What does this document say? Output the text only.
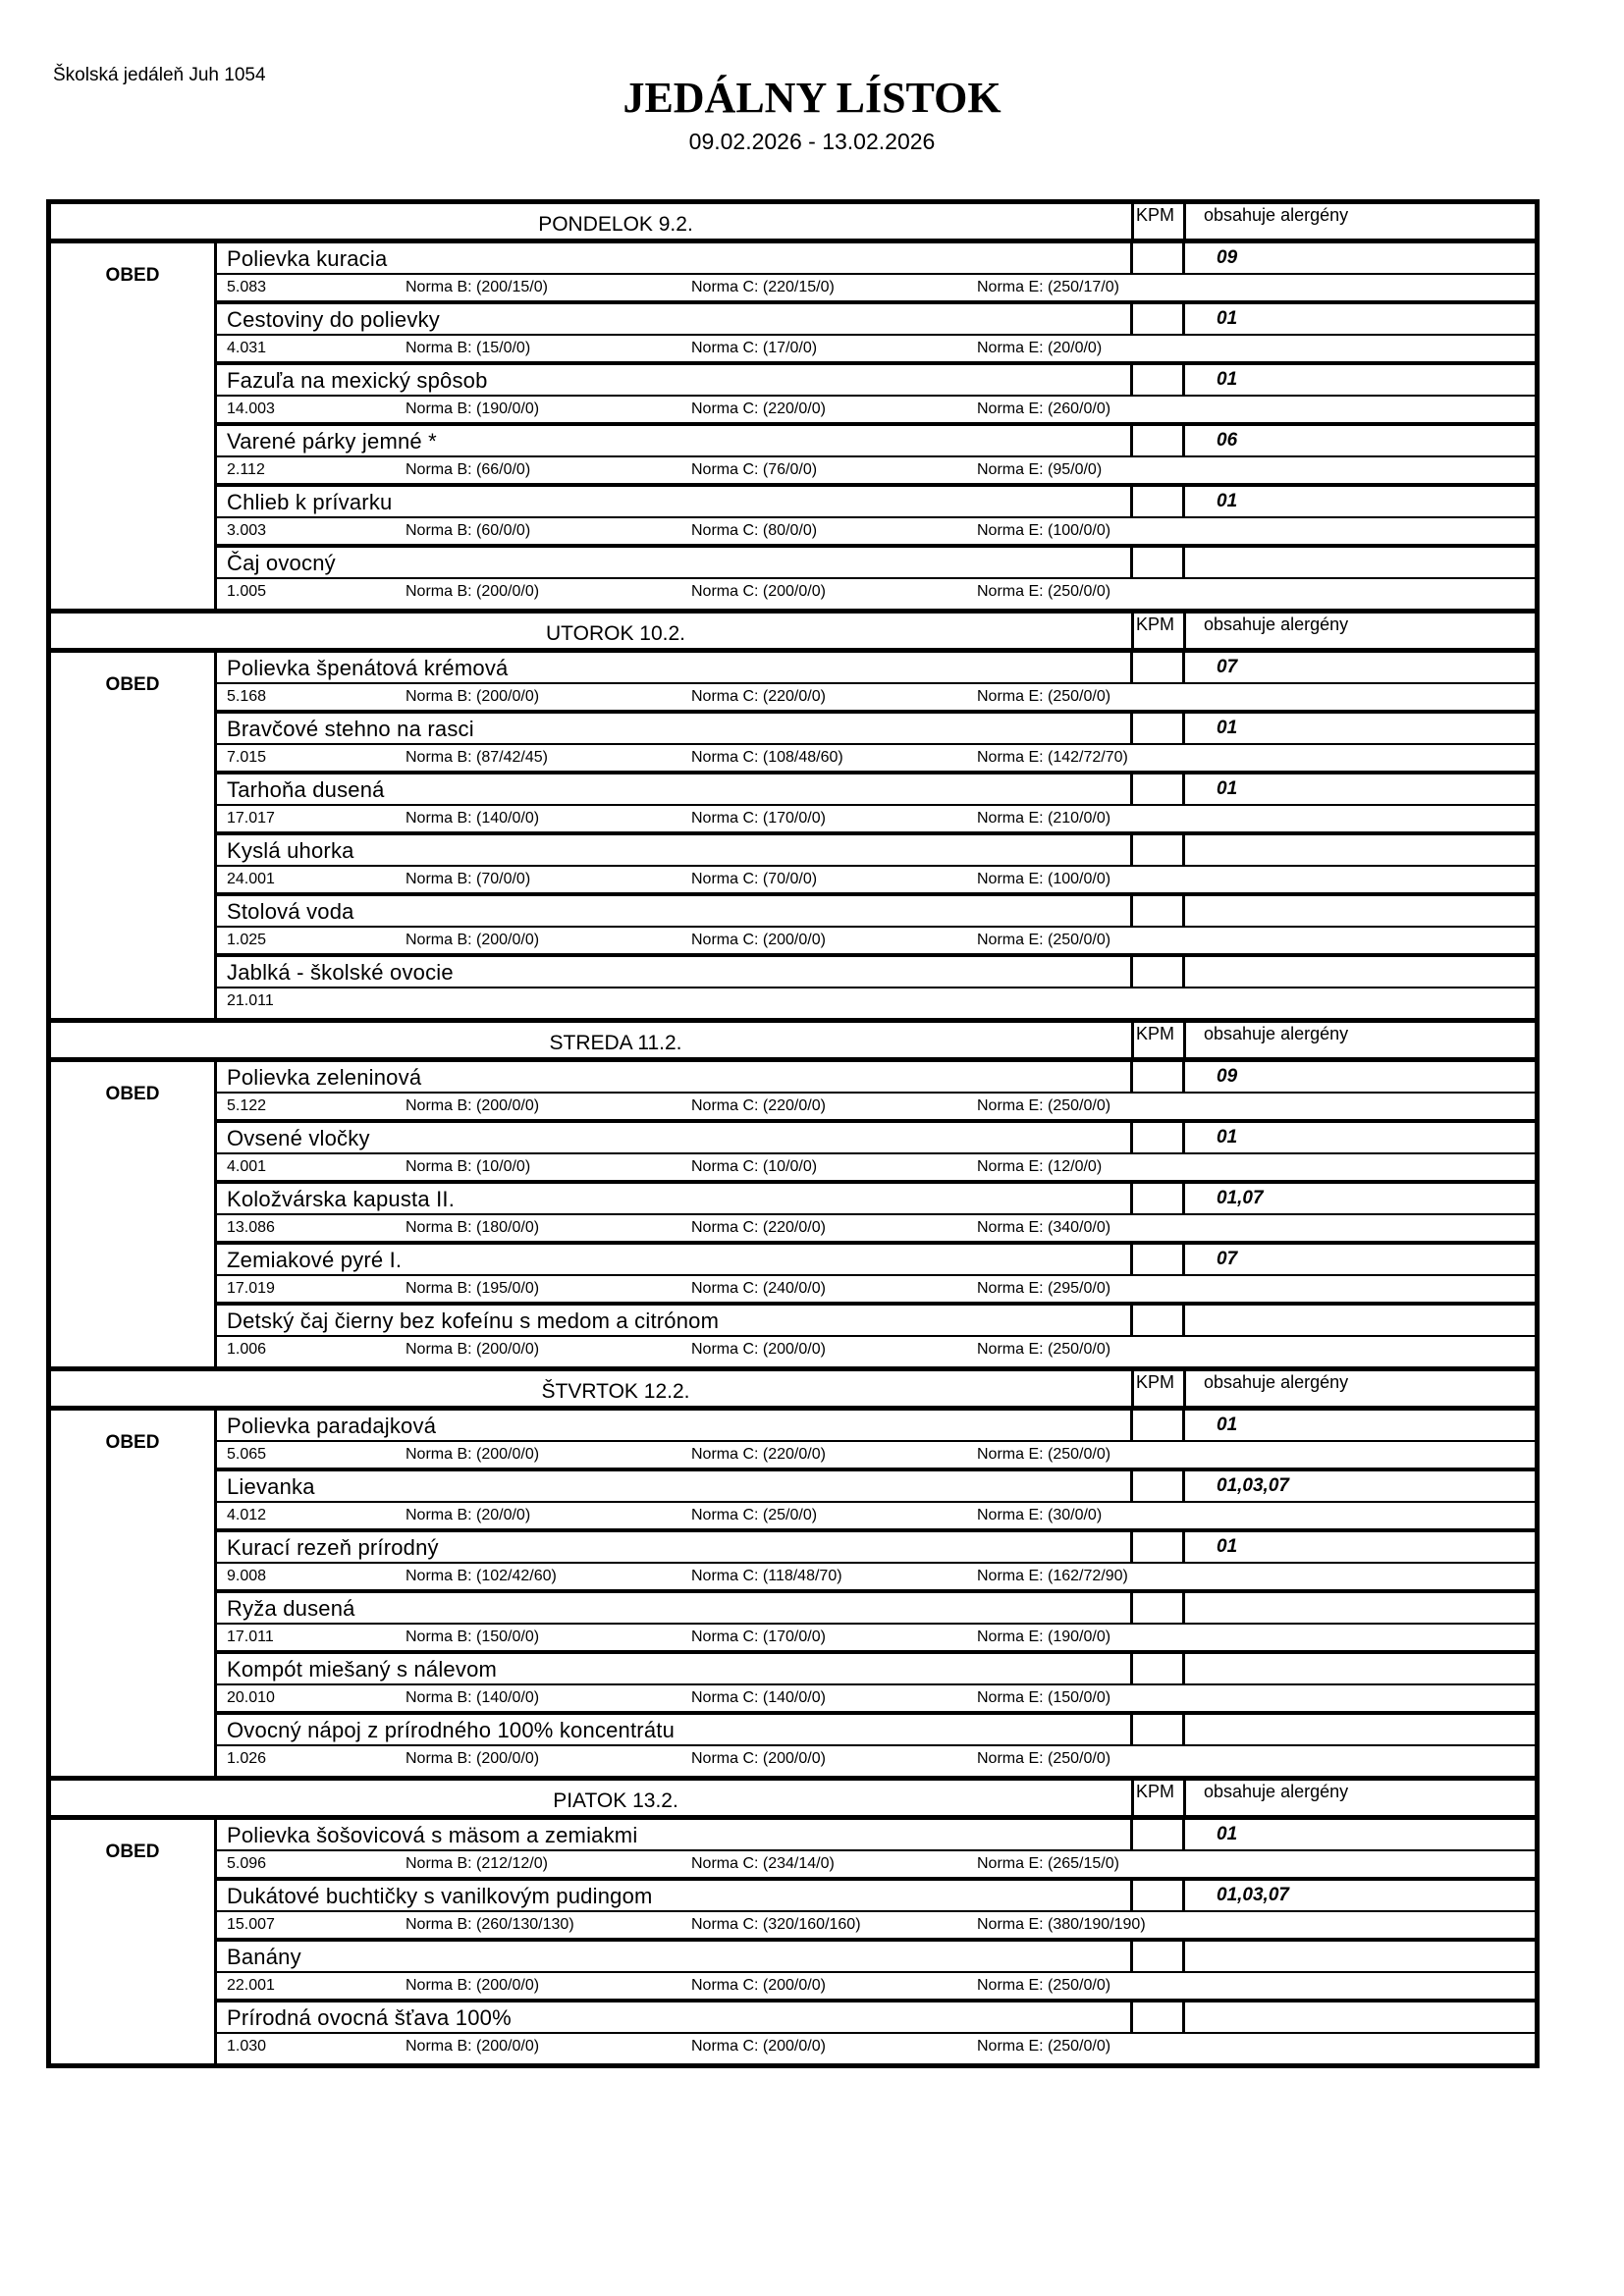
Školská jedáleň Juh 1054	JEDÁLNY LÍSTOK
09.02.2026 - 13.02.2026
PONDELOK 9.2.	KPM	obsahuje alergény
OBED
Polievka kuracia	09
5.083	Norma B: (200/15/0)	Norma C: (220/15/0)	Norma E: (250/17/0)
Cestoviny do polievky	01
4.031	Norma B: (15/0/0)	Norma C: (17/0/0)	Norma E: (20/0/0)
Fazuľa na mexický spôsob	01
14.003	Norma B: (190/0/0)	Norma C: (220/0/0)	Norma E: (260/0/0)
Varené párky jemné *	06
2.112	Norma B: (66/0/0)	Norma C: (76/0/0)	Norma E: (95/0/0)
Chlieb k prívarku	01
3.003	Norma B: (60/0/0)	Norma C: (80/0/0)	Norma E: (100/0/0)
Čaj ovocný
1.005	Norma B: (200/0/0)	Norma C: (200/0/0)	Norma E: (250/0/0)
UTOROK 10.2.	KPM	obsahuje alergény
OBED
Polievka špenátová krémová	07
5.168	Norma B: (200/0/0)	Norma C: (220/0/0)	Norma E: (250/0/0)
Bravčové stehno na rasci	01
7.015	Norma B: (87/42/45)	Norma C: (108/48/60)	Norma E: (142/72/70)
Tarhoňa dusená	01
17.017	Norma B: (140/0/0)	Norma C: (170/0/0)	Norma E: (210/0/0)
Kyslá uhorka
24.001	Norma B: (70/0/0)	Norma C: (70/0/0)	Norma E: (100/0/0)
Stolová voda
1.025	Norma B: (200/0/0)	Norma C: (200/0/0)	Norma E: (250/0/0)
Jablká - školské ovocie
21.011
STREDA 11.2.	KPM	obsahuje alergény
OBED
Polievka zeleninová	09
5.122	Norma B: (200/0/0)	Norma C: (220/0/0)	Norma E: (250/0/0)
Ovsené vločky	01
4.001	Norma B: (10/0/0)	Norma C: (10/0/0)	Norma E: (12/0/0)
Koložvárska kapusta II.	01,07
13.086	Norma B: (180/0/0)	Norma C: (220/0/0)	Norma E: (340/0/0)
Zemiakové pyré I.	07
17.019	Norma B: (195/0/0)	Norma C: (240/0/0)	Norma E: (295/0/0)
Detský čaj čierny bez kofeínu s medom a citrónom
1.006	Norma B: (200/0/0)	Norma C: (200/0/0)	Norma E: (250/0/0)
ŠTVRTOK 12.2.	KPM	obsahuje alergény
OBED
Polievka paradajková	01
5.065	Norma B: (200/0/0)	Norma C: (220/0/0)	Norma E: (250/0/0)
Lievanka	01,03,07
4.012	Norma B: (20/0/0)	Norma C: (25/0/0)	Norma E: (30/0/0)
Kurací rezeň prírodný	01
9.008	Norma B: (102/42/60)	Norma C: (118/48/70)	Norma E: (162/72/90)
Ryža dusená
17.011	Norma B: (150/0/0)	Norma C: (170/0/0)	Norma E: (190/0/0)
Kompót miešaný s nálevom
20.010	Norma B: (140/0/0)	Norma C: (140/0/0)	Norma E: (150/0/0)
Ovocný nápoj z prírodného 100% koncentrátu
1.026	Norma B: (200/0/0)	Norma C: (200/0/0)	Norma E: (250/0/0)
PIATOK 13.2.	KPM	obsahuje alergény
OBED
Polievka šošovicová s mäsom a zemiakmi	01
5.096	Norma B: (212/12/0)	Norma C: (234/14/0)	Norma E: (265/15/0)
Dukátové buchtičky s vanilkovým pudingom	01,03,07
15.007	Norma B: (260/130/130)	Norma C: (320/160/160)	Norma E: (380/190/190)
Banány
22.001	Norma B: (200/0/0)	Norma C: (200/0/0)	Norma E: (250/0/0)
Prírodná ovocná šťava 100%
1.030	Norma B: (200/0/0)	Norma C: (200/0/0)	Norma E: (250/0/0)
